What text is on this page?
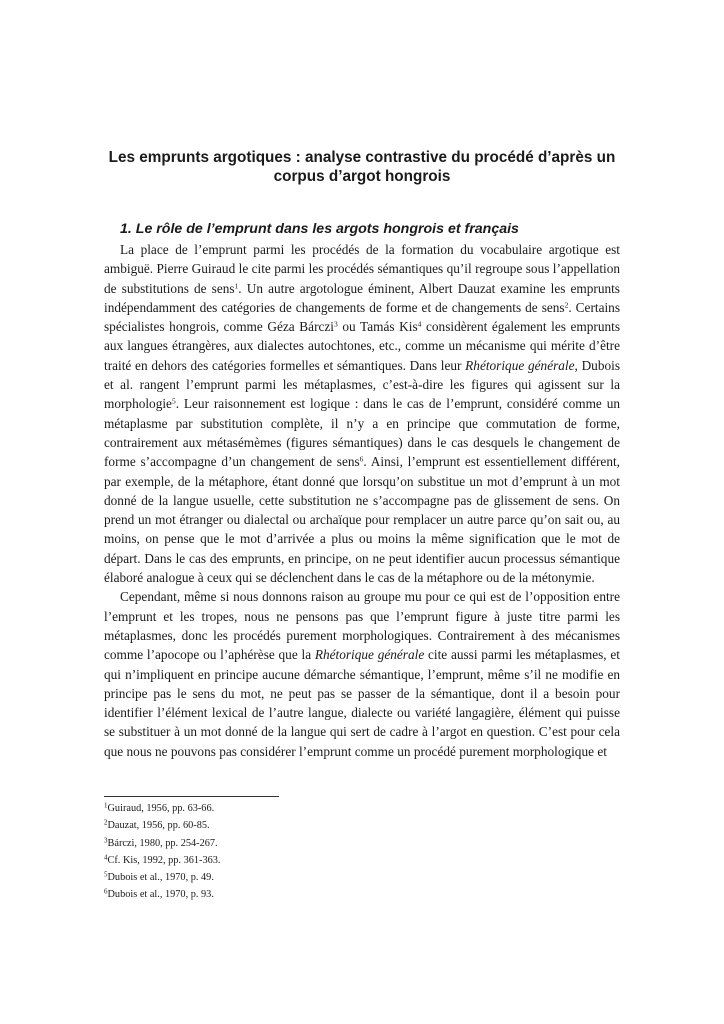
Les emprunts argotiques : analyse contrastive du procédé d’après un corpus d’argot hongrois
1. Le rôle de l’emprunt dans les argots hongrois et français

La place de l’emprunt parmi les procédés de la formation du vocabulaire argotique est ambiguë. Pierre Guiraud le cite parmi les procédés sémantiques qu’il regroupe sous l’appellation de substitutions de sens$^1$. Un autre argotologue éminent, Albert Dauzat examine les emprunts indépendamment des catégories de changements de forme et de changements de sens$^2$. Certains spécialistes hongrois, comme Géza Bárczi$^3$ ou Tamás Kis$^4$ considèrent également les emprunts aux langues étrangères, aux dialectes autochtones, etc., comme un mécanisme qui mérite d’être traité en dehors des catégories formelles et sémantiques. Dans leur Rhétorique générale, Dubois et al. rangent l’emprunt parmi les métaplasmes, c’est-à-dire les figures qui agissent sur la morphologie$^5$. Leur raisonnement est logique : dans le cas de l’emprunt, considéré comme un métaplasme par substitution complète, il n’y a en principe que commutation de forme, contrairement aux métasémèmes (figures sémantiques) dans le cas desquels le changement de forme s’accompagne d’un changement de sens$^6$. Ainsi, l’emprunt est essentiellement différent, par exemple, de la métaphore, étant donné que lorsqu’on substitue un mot d’emprunt à un mot donné de la langue usuelle, cette substitution ne s’accompagne pas de glissement de sens. On prend un mot étranger ou dialectal ou archaïque pour remplacer un autre parce qu’on sait ou, au moins, on pense que le mot d’arrivée a plus ou moins la même signification que le mot de départ. Dans le cas des emprunts, en principe, on ne peut identifier aucun processus sémantique élaboré analogue à ceux qui se déclenchent dans le cas de la métaphore ou de la métonymie.

Cependant, même si nous donnons raison au groupe mu pour ce qui est de l’opposition entre l’emprunt et les tropes, nous ne pensons pas que l’emprunt figure à juste titre parmi les métaplasmes, donc les procédés purement morphologiques. Contrairement à des mécanismes comme l’apocope ou l’aphérèse que la Rhétorique générale cite aussi parmi les métaplasmes, et qui n’impliquent en principe aucune démarche sémantique, l’emprunt, même s’il ne modifie en principe pas le sens du mot, ne peut pas se passer de la sémantique, dont il a besoin pour identifier l’élément lexical de l’autre langue, dialecte ou variété langagière, élément qui puisse se substituer à un mot donné de la langue qui sert de cadre à l’argot en question. C’est pour cela que nous ne pouvons pas considérer l’emprunt comme un procédé purement morphologique et

$^1$Guiraud, 1956, pp. 63-66.
$^2$Dauzat, 1956, pp. 60-85.
$^3$Bárczi, 1980, pp. 254-267.
$^4$Cf. Kis, 1992, pp. 361-363.
$^5$Dubois et al., 1970, p. 49.
$^6$Dubois et al., 1970, p. 93.
